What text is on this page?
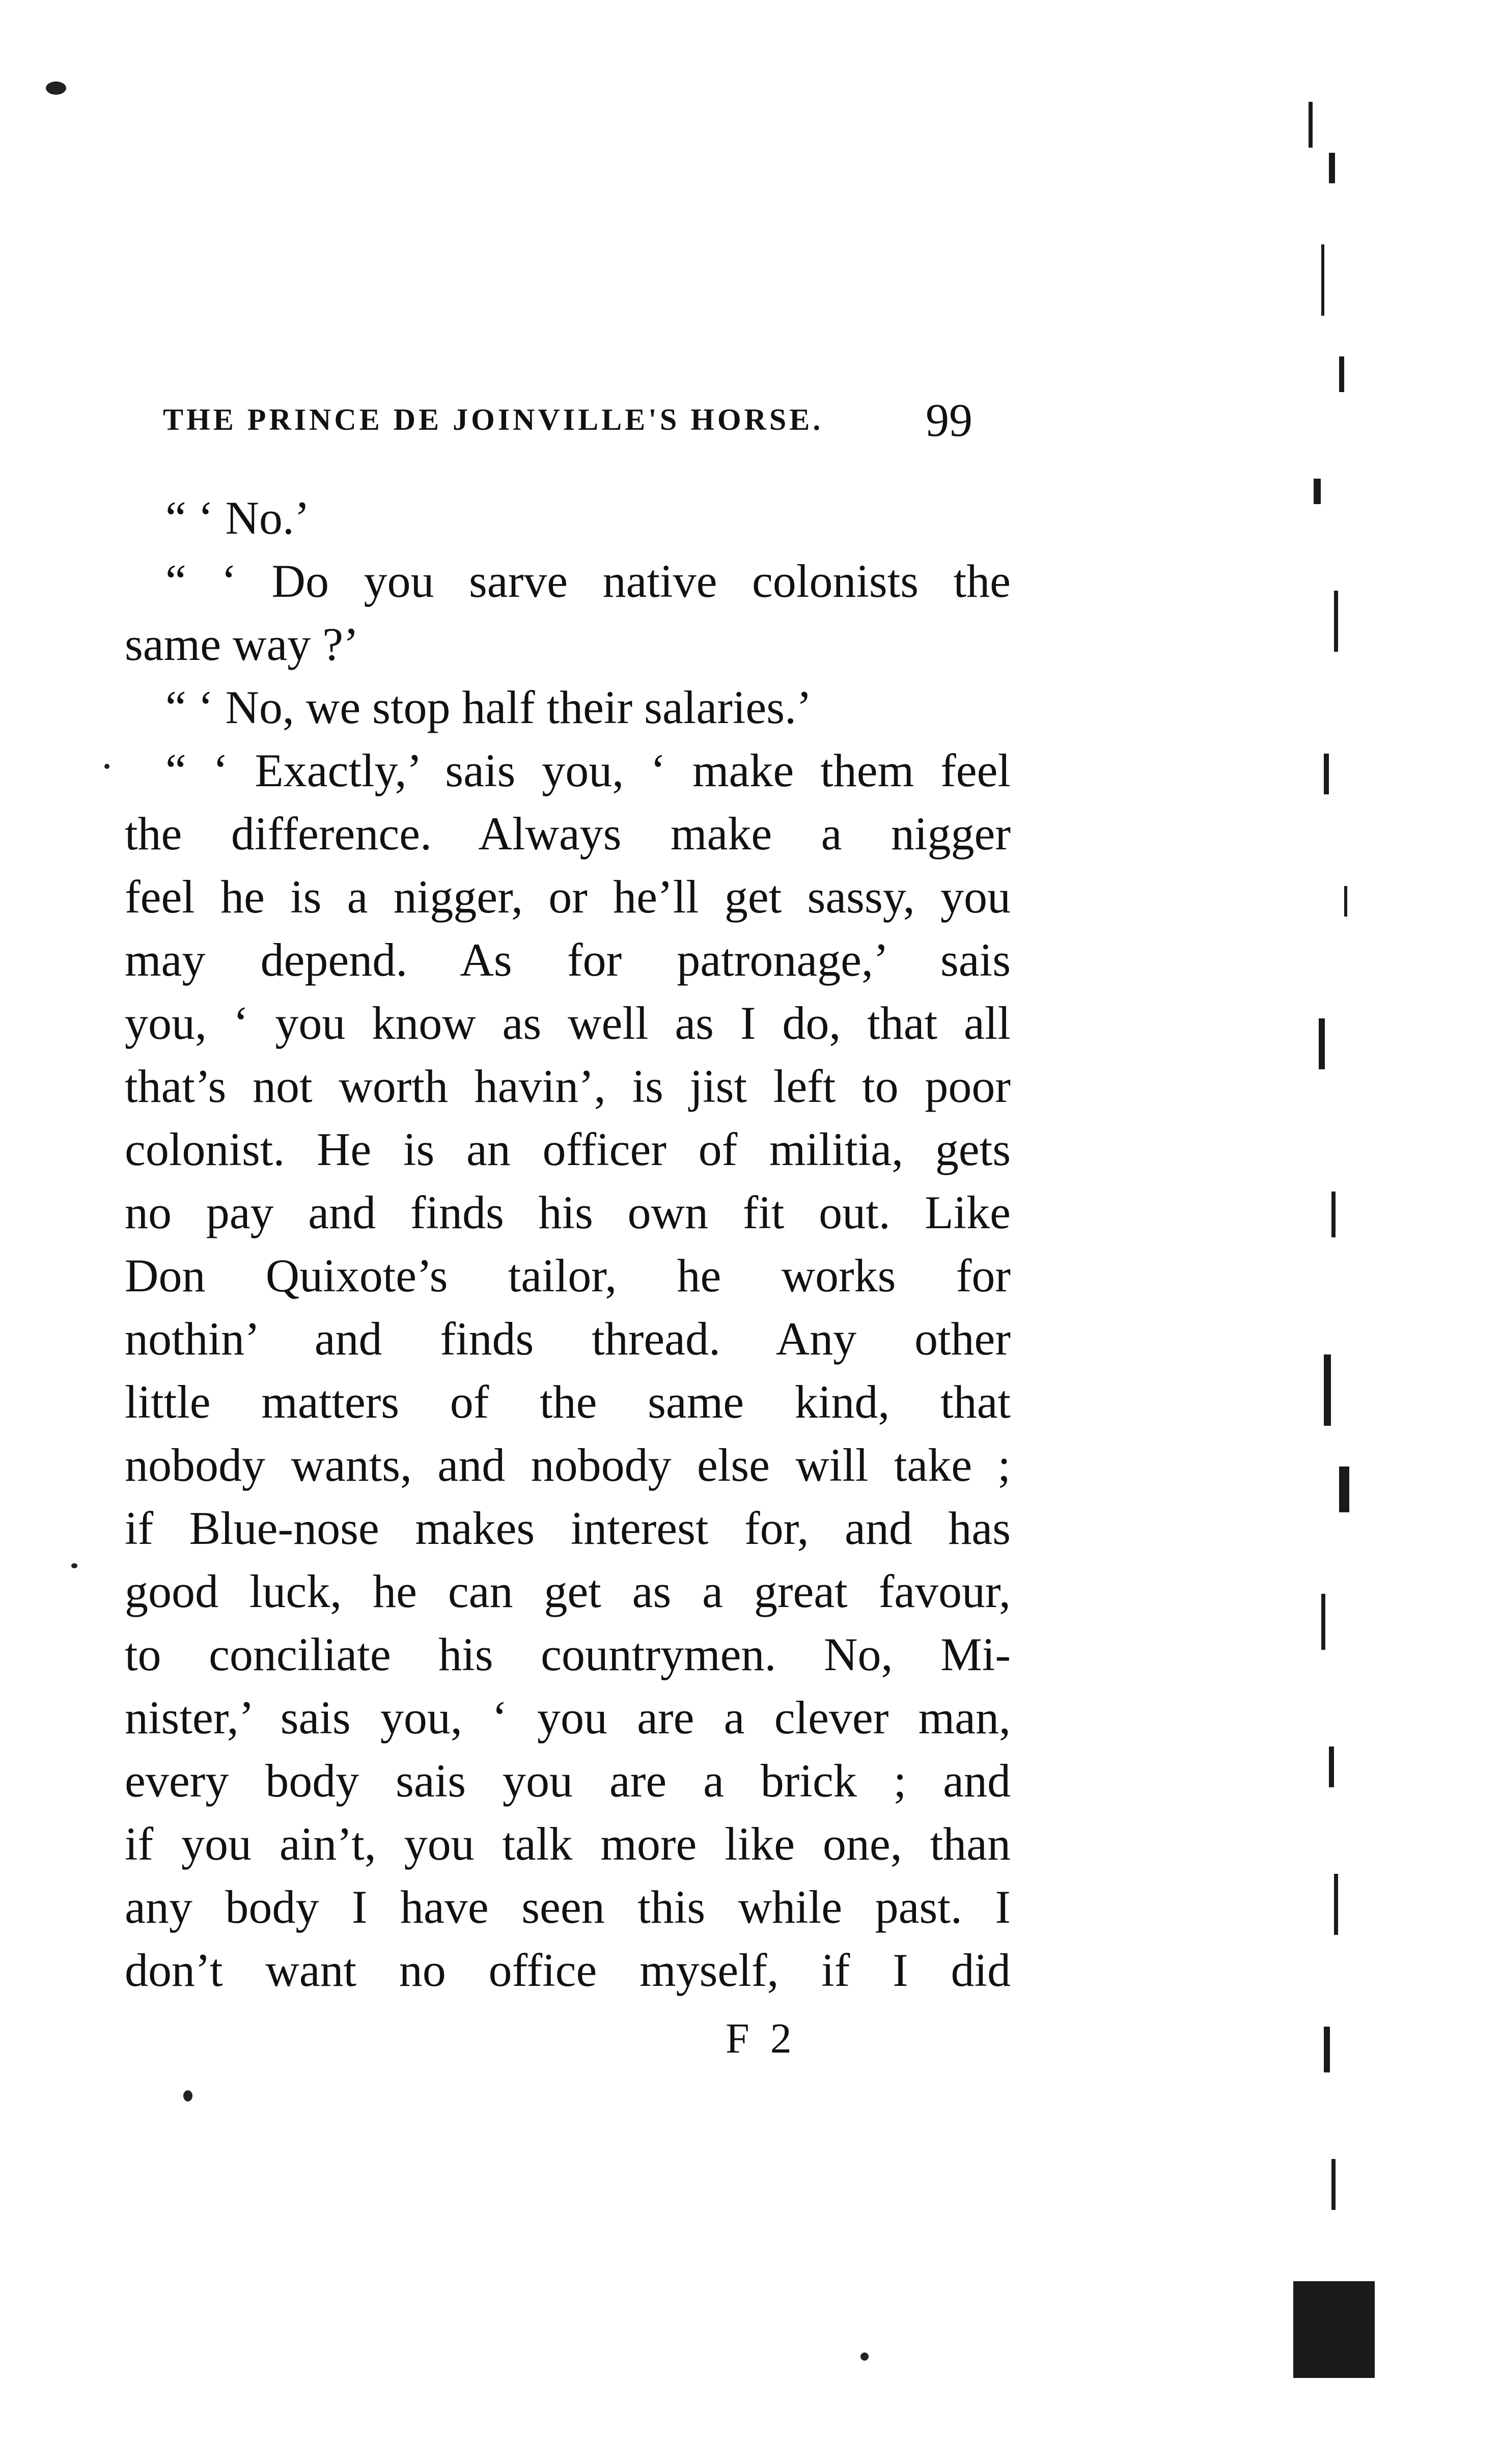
THE PRINCE DE JOINVILLE'S HORSE. 99
“ ‘ No.’
“ ‘ Do you sarve native colonists the
same way ?’
“ ‘ No, we stop half their salaries.’
“ ‘ Exactly,’ sais you, ‘ make them feel
the difference. Always make a nigger
feel he is a nigger, or he’ll get sassy, you
may depend. As for patronage,’ sais
you, ‘ you know as well as I do, that all
that’s not worth havin’, is jist left to poor
colonist. He is an officer of militia, gets
no pay and finds his own fit out. Like
Don Quixote’s tailor, he works for
nothin’ and finds thread. Any other
little matters of the same kind, that
nobody wants, and nobody else will take ;
if Blue-nose makes interest for, and has
good luck, he can get as a great favour,
to conciliate his countrymen. No, Mi-
nister,’ sais you, ‘ you are a clever man,
every body sais you are a brick ; and
if you ain’t, you talk more like one, than
any body I have seen this while past. I
don’t want no office myself, if I did
F 2
